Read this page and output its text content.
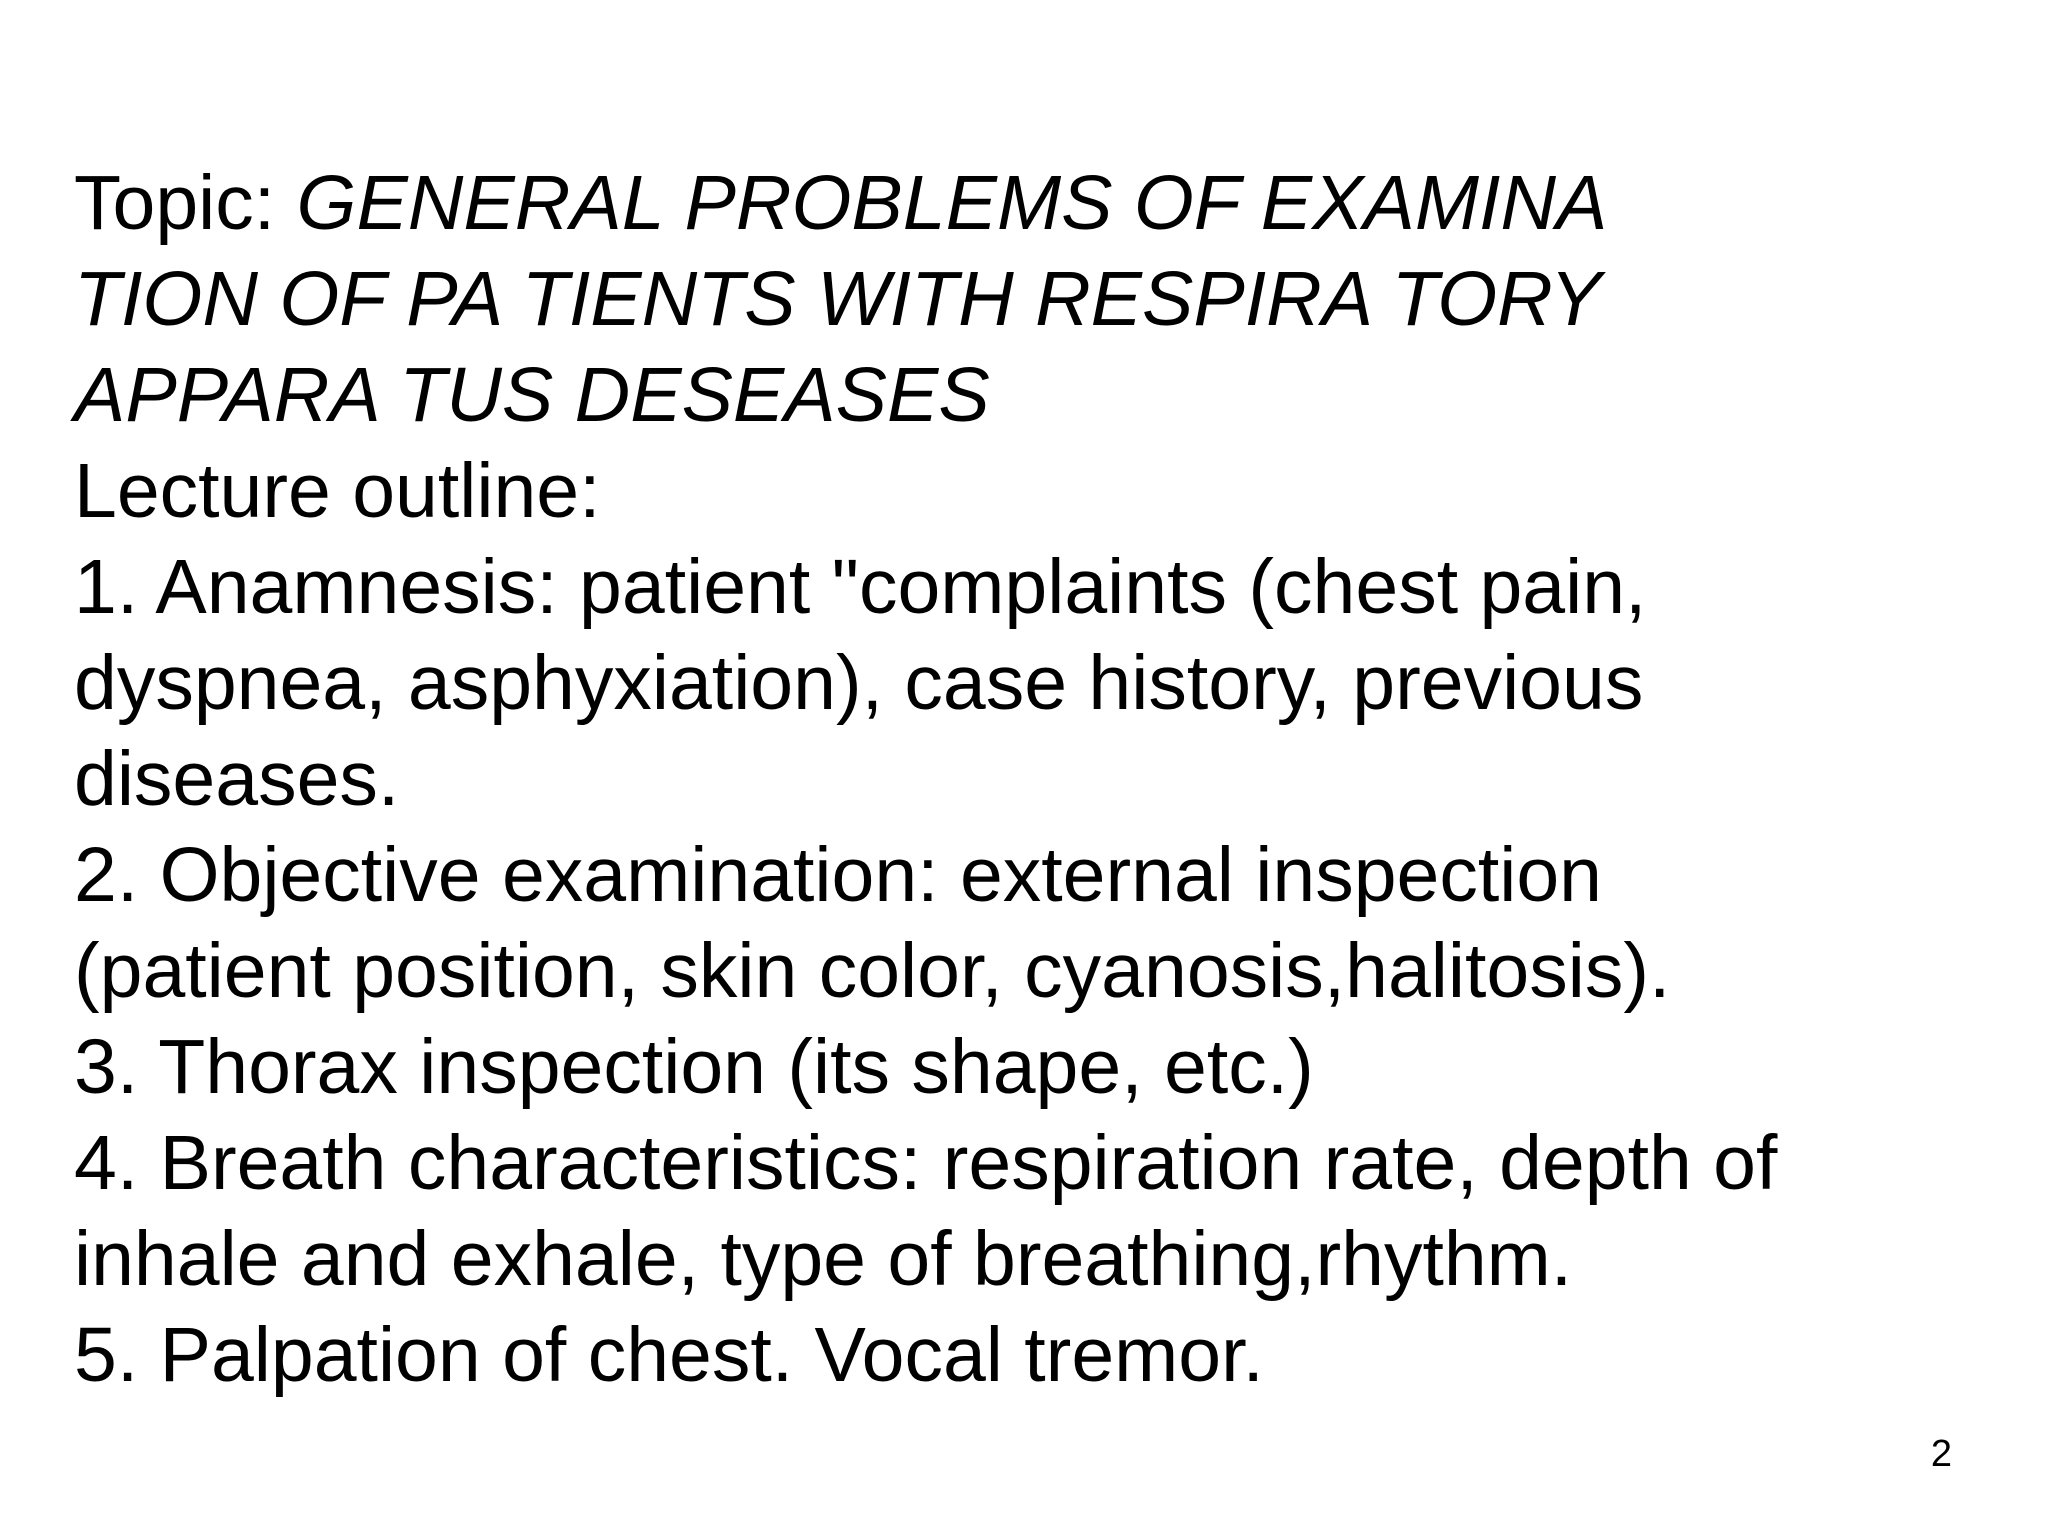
Topic: GENERAL PROBLEMS OF EXAMINA
TION OF PA TIENTS WITH RESPIRA TORY
APPARA TUS DESEASES
Lecture outline:
1. Anamnesis: patient "complaints (chest pain,
dyspnea, asphyxiation), case history, previous
diseases.
2. Objective examination: external inspection
(patient position, skin color, cyanosis,halitosis).
3. Thorax inspection (its shape, etc.)
4. Breath characteristics: respiration rate, depth of
inhale and exhale, type of breathing,rhythm.
5. Palpation of chest. Vocal tremor.
2
